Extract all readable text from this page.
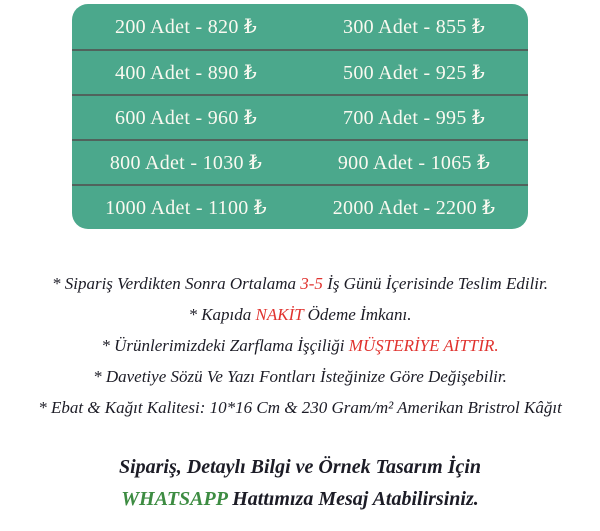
200 Adet - 820 ₺	300 Adet - 855 ₺
400 Adet - 890 ₺	500 Adet - 925 ₺
600 Adet - 960 ₺	700 Adet - 995 ₺
800 Adet - 1030 ₺	900 Adet - 1065 ₺
1000 Adet - 1100 ₺	2000 Adet - 2200 ₺
* Sipariş Verdikten Sonra Ortalama 3-5 İş Günü İçerisinde Teslim Edilir.
* Kapıda NAKİT Ödeme İmkanı.
* Ürünlerimizdeki Zarflama İşçiliği MÜŞTERİYE AİTTİR.
* Davetiye Sözü Ve Yazı Fontları İsteğinize Göre Değişebilir.
* Ebat & Kağıt Kalitesi: 10*16 Cm & 230 Gram/m² Amerikan Bristrol Kâğıt
Sipariş, Detaylı Bilgi ve Örnek Tasarım İçin
WHATSAPP Hattımıza Mesaj Atabilirsiniz.
